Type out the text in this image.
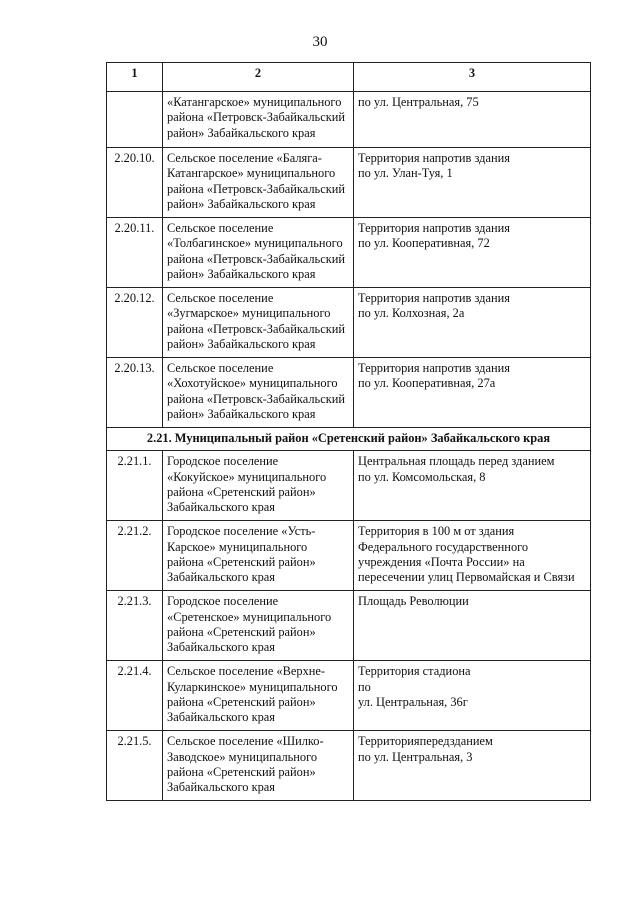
30
1	2	3

	«Катангарское» муниципального
района «Петровск-Забайкальский
район» Забайкальского края	по ул. Центральная, 75

2.20.10.	Сельское поселение «Баляга-
Катангарское» муниципального
района «Петровск-Забайкальский
район» Забайкальского края	Территория напротив здания
по ул. Улан-Туя, 1

2.20.11.	Сельское поселение
«Толбагинское» муниципального
района «Петровск-Забайкальский
район» Забайкальского края	Территория напротив здания
по ул. Кооперативная, 72

2.20.12.	Сельское поселение
«Зугмарское» муниципального
района «Петровск-Забайкальский
район» Забайкальского края	Территория напротив здания
по ул. Колхозная, 2а

2.20.13.	Сельское поселение
«Хохотуйское» муниципального
района «Петровск-Забайкальский
район» Забайкальского края	Территория напротив здания
по ул. Кооперативная, 27а

2.21. Муниципальный район «Сретенский район» Забайкальского края		
2.21.1.	Городское поселение
«Кокуйское» муниципального
района «Сретенский район»
Забайкальского края	Центральная площадь перед зданием
по ул. Комсомольская, 8

2.21.2.	Городское поселение «Усть-
Карское» муниципального
района «Сретенский район»
Забайкальского края	Территория в 100 м от здания
Федерального государственного
учреждения «Почта России» на
пересечении улиц Первомайская и Связи

2.21.3.	Городское поселение
«Сретенское» муниципального
района «Сретенский район»
Забайкальского края	Площадь Революции

2.21.4.	Сельское поселение «Верхне-
Куларкинское» муниципального
района «Сретенский район»
Забайкальского края	Территория стадиона
по
ул. Центральная, 36г

2.21.5.	Сельское поселение «Шилко-
Заводское» муниципального
района «Сретенский район»
Забайкальского края	Территорияпередзданием
по ул. Центральная, 3
